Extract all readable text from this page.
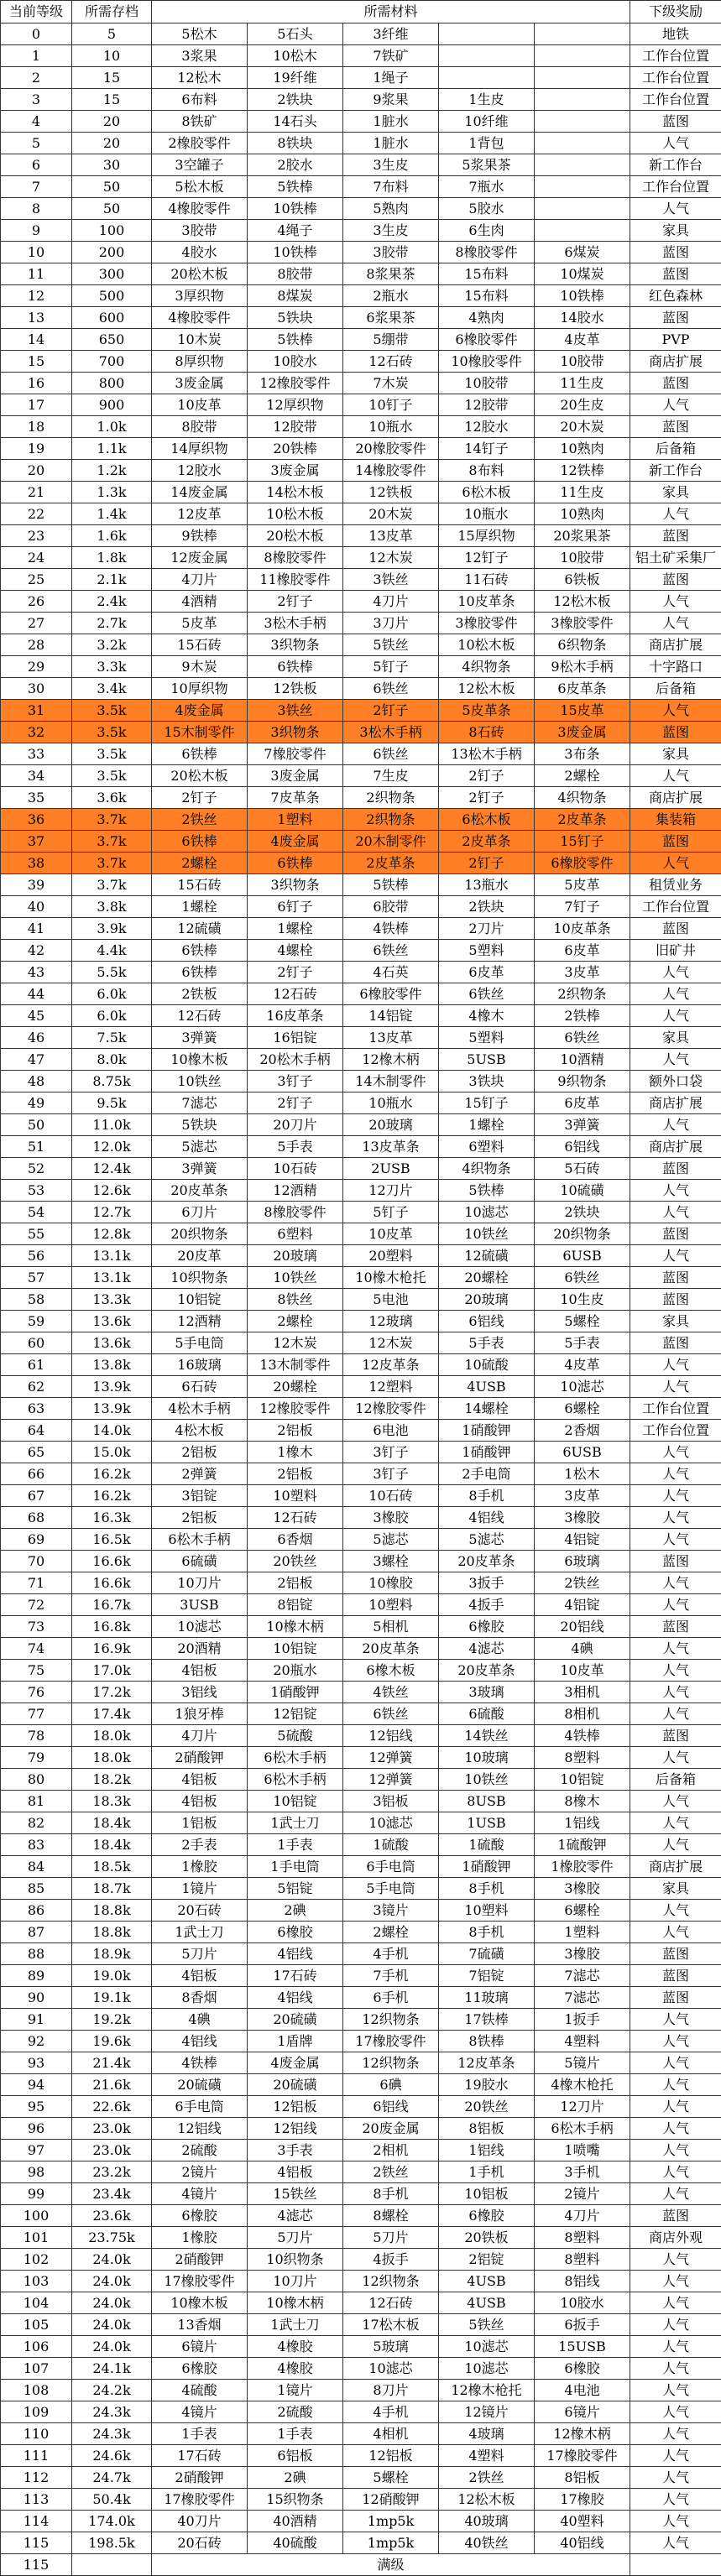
当前等级	所需存档	所需材料					下级奖励
0	5	5松木	5石头	3纤维			地铁
1	10	3浆果	10松木	7铁矿			工作台位置
2	15	12松木	19纤维	1绳子			工作台位置
3	15	6布料	2铁块	9浆果	1生皮		工作台位置
4	20	8铁矿	14石头	1脏水	10纤维		蓝图
5	20	2橡胶零件	8铁块	1脏水	1背包		人气
6	30	3空罐子	2胶水	3生皮	5浆果茶		新工作台
7	50	5松木板	5铁棒	7布料	7瓶水		工作台位置
8	50	4橡胶零件	10铁棒	5熟肉	5胶水		人气
9	100	3胶带	4绳子	3生皮	6生肉		家具
10	200	4胶水	10铁棒	3胶带	8橡胶零件	6煤炭	蓝图
11	300	20松木板	8胶带	8浆果茶	15布料	10煤炭	蓝图
12	500	3厚织物	8煤炭	2瓶水	15布料	10铁棒	红色森林
13	600	4橡胶零件	5铁块	6浆果茶	4熟肉	14胶水	蓝图
14	650	10木炭	5铁棒	5绷带	6橡胶零件	4皮革	PVP
15	700	8厚织物	10胶水	12石砖	10橡胶零件	10胶带	商店扩展
16	800	3废金属	12橡胶零件	7木炭	10胶带	11生皮	蓝图
17	900	10皮革	12厚织物	10钉子	12胶带	20生皮	人气
18	1.0k	8胶带	12胶带	10瓶水	12胶水	20木炭	蓝图
19	1.1k	14厚织物	20铁棒	20橡胶零件	14钉子	10熟肉	后备箱
20	1.2k	12胶水	3废金属	14橡胶零件	8布料	12铁棒	新工作台
21	1.3k	14废金属	14松木板	12铁板	6松木板	11生皮	家具
22	1.4k	12皮革	10松木板	20木炭	10瓶水	10熟肉	人气
23	1.6k	9铁棒	20松木板	13皮革	15厚织物	20浆果茶	蓝图
24	1.8k	12废金属	8橡胶零件	12木炭	12钉子	10胶带	铝土矿采集厂
25	2.1k	4刀片	11橡胶零件	3铁丝	11石砖	6铁板	蓝图
26	2.4k	4酒精	2钉子	4刀片	10皮革条	12松木板	人气
27	2.7k	5皮革	3松木手柄	3刀片	3橡胶零件	3橡胶零件	人气
28	3.2k	15石砖	3织物条	5铁丝	10松木板	6织物条	商店扩展
29	3.3k	9木炭	6铁棒	5钉子	4织物条	9松木手柄	十字路口
30	3.4k	10厚织物	12铁板	6铁丝	12松木板	6皮革条	后备箱
31	3.5k	4废金属	3铁丝	2钉子	5皮革条	15皮革	人气
32	3.5k	15木制零件	3织物条	3松木手柄	8石砖	3废金属	蓝图
33	3.5k	6铁棒	7橡胶零件	6铁丝	13松木手柄	3布条	家具
34	3.5k	20松木板	3废金属	7生皮	2钉子	2螺栓	人气
35	3.6k	2钉子	7皮革条	2织物条	2钉子	4织物条	商店扩展
36	3.7k	2铁丝	1塑料	2织物条	6松木板	2皮革条	集装箱
37	3.7k	6铁棒	4废金属	20木制零件	2皮革条	15钉子	蓝图
38	3.7k	2螺栓	6铁棒	2皮革条	2钉子	6橡胶零件	人气
39	3.7k	15石砖	3织物条	5铁棒	13瓶水	5皮革	租赁业务
40	3.8k	1螺栓	6钉子	6胶带	2铁块	7钉子	工作台位置
41	3.9k	12硫磺	1螺栓	4铁棒	2刀片	10皮革条	蓝图
42	4.4k	6铁棒	4螺栓	6铁丝	5塑料	6皮革	旧矿井
43	5.5k	6铁棒	2钉子	4石英	6皮革	3皮革	人气
44	6.0k	2铁板	12石砖	6橡胶零件	6铁丝	2织物条	人气
45	6.0k	12石砖	16皮革条	14铝锭	4橡木	2铁棒	人气
46	7.5k	3弹簧	16铝锭	13皮革	5塑料	6铁丝	家具
47	8.0k	10橡木板	20松木手柄	12橡木柄	5USB	10酒精	人气
48	8.75k	10铁丝	3钉子	14木制零件	3铁块	9织物条	额外口袋
49	9.5k	7滤芯	2钉子	10瓶水	15钉子	6皮革	商店扩展
50	11.0k	5铁块	20刀片	20玻璃	1螺栓	3弹簧	人气
51	12.0k	5滤芯	5手表	13皮革条	6塑料	6铝线	商店扩展
52	12.4k	3弹簧	10石砖	2USB	4织物条	5石砖	蓝图
53	12.6k	20皮革条	12酒精	12刀片	5铁棒	10硫磺	人气
54	12.7k	6刀片	8橡胶零件	5钉子	10滤芯	2铁块	人气
55	12.8k	20织物条	6塑料	10皮革	10铁丝	20织物条	蓝图
56	13.1k	20皮革	20玻璃	20塑料	12硫磺	6USB	人气
57	13.1k	10织物条	10铁丝	10橡木枪托	20螺栓	6铁丝	蓝图
58	13.3k	10铝锭	8铁丝	5电池	20玻璃	10生皮	蓝图
59	13.6k	12酒精	2螺栓	12玻璃	6铝线	5螺栓	家具
60	13.6k	5手电筒	12木炭	12木炭	5手表	5手表	蓝图
61	13.8k	16玻璃	13木制零件	12皮革条	10硫酸	4皮革	人气
62	13.9k	6石砖	20螺栓	12塑料	4USB	10滤芯	人气
63	13.9k	4松木手柄	12橡胶零件	12橡胶零件	14螺栓	6螺栓	工作台位置
64	14.0k	4松木板	2铝板	6电池	1硝酸钾	2香烟	工作台位置
65	15.0k	2铝板	1橡木	3钉子	1硝酸钾	6USB	人气
66	16.2k	2弹簧	2铝板	3钉子	2手电筒	1松木	人气
67	16.2k	3铝锭	10塑料	10石砖	8手机	3皮革	人气
68	16.3k	2铝板	12石砖	3橡胶	4铝线	3橡胶	人气
69	16.5k	6松木手柄	6香烟	5滤芯	5滤芯	4铝锭	人气
70	16.6k	6硫磺	20铁丝	3螺栓	20皮革条	6玻璃	蓝图
71	16.6k	10刀片	2铝板	10橡胶	3扳手	2铁丝	人气
72	16.7k	3USB	8铝锭	10塑料	4扳手	4铝锭	人气
73	16.8k	10滤芯	10橡木柄	5相机	6橡胶	20铝线	蓝图
74	16.9k	20酒精	10铝锭	20皮革条	4滤芯	4碘	人气
75	17.0k	4铝板	20瓶水	6橡木板	20皮革条	10皮革	人气
76	17.2k	3铝线	1硝酸钾	4铁丝	3玻璃	3相机	人气
77	17.4k	1狼牙棒	12铝锭	6铁丝	6硫酸	8相机	人气
78	18.0k	4刀片	5硫酸	12铝线	14铁丝	4铁棒	蓝图
79	18.0k	2硝酸钾	6松木手柄	12弹簧	10玻璃	8塑料	人气
80	18.2k	4铝板	6松木手柄	12弹簧	10铁丝	10铝锭	后备箱
81	18.3k	4铝板	10铝锭	3铝板	8USB	8橡木	人气
82	18.4k	1铝板	1武士刀	10滤芯	1USB	1铝线	人气
83	18.4k	2手表	1手表	1硫酸	1硫酸	1硫酸钾	人气
84	18.5k	1橡胶	1手电筒	6手电筒	1硝酸钾	1橡胶零件	商店扩展
85	18.7k	1镜片	5铝锭	5手电筒	8手机	3橡胶	家具
86	18.8k	20石砖	2碘	3镜片	10塑料	6螺栓	人气
87	18.8k	1武士刀	6橡胶	2螺栓	8手机	1塑料	人气
88	18.9k	5刀片	4铝线	4手机	7硫磺	3橡胶	蓝图
89	19.0k	4铝板	17石砖	7手机	7铝锭	7滤芯	蓝图
90	19.1k	8香烟	4铝线	6手机	11玻璃	7滤芯	蓝图
91	19.2k	4碘	20硫磺	12织物条	17铁棒	1扳手	人气
92	19.6k	4铝线	1盾牌	17橡胶零件	8铁棒	4塑料	人气
93	21.4k	4铁棒	4废金属	12织物条	12皮革条	5镜片	人气
94	21.6k	20硫磺	20硫磺	6碘	19胶水	4橡木枪托	人气
95	22.6k	6手电筒	12铝板	6铝线	20铁丝	12刀片	人气
96	23.0k	12铝线	12铝线	20废金属	8铝板	6松木手柄	人气
97	23.0k	2硫酸	3手表	2相机	1铝线	1喷嘴	人气
98	23.2k	2镜片	4铝板	2铁丝	1手机	3手机	人气
99	23.4k	4镜片	15铁丝	8手机	10铝板	2镜片	人气
100	23.6k	6橡胶	4滤芯	8螺栓	6橡胶	4刀片	蓝图
101	23.75k	1橡胶	5刀片	5刀片	20铁板	8塑料	商店外观
102	24.0k	2硝酸钾	10织物条	4扳手	2铝锭	8塑料	人气
103	24.0k	17橡胶零件	10刀片	12织物条	4USB	8铝线	人气
104	24.0k	10橡木板	10橡木柄	12石砖	4USB	10胶水	人气
105	24.0k	13香烟	1武士刀	17松木板	5铁丝	6扳手	人气
106	24.0k	6镜片	4橡胶	5玻璃	10滤芯	15USB	人气
107	24.1k	6橡胶	4橡胶	10滤芯	10滤芯	6橡胶	人气
108	24.2k	4硫酸	1镜片	8刀片	12橡木枪托	4电池	人气
109	24.3k	4镜片	2硫酸	4手机	12镜片	6镜片	人气
110	24.3k	1手表	1手表	4相机	4玻璃	12橡木柄	人气
111	24.6k	17石砖	6铝板	12铝板	4塑料	17橡胶零件	人气
112	24.7k	2硝酸钾	2碘	5螺栓	2铁丝	8铝板	人气
113	50.4k	17橡胶零件	15织物条	12硝酸钾	12松木板	17橡胶	人气
114	174.0k	40刀片	40酒精	1mp5k	40玻璃	40塑料	人气
115	198.5k	20石砖	40硫酸	1mp5k	40铁丝	40铝线	人气
115		满级					
